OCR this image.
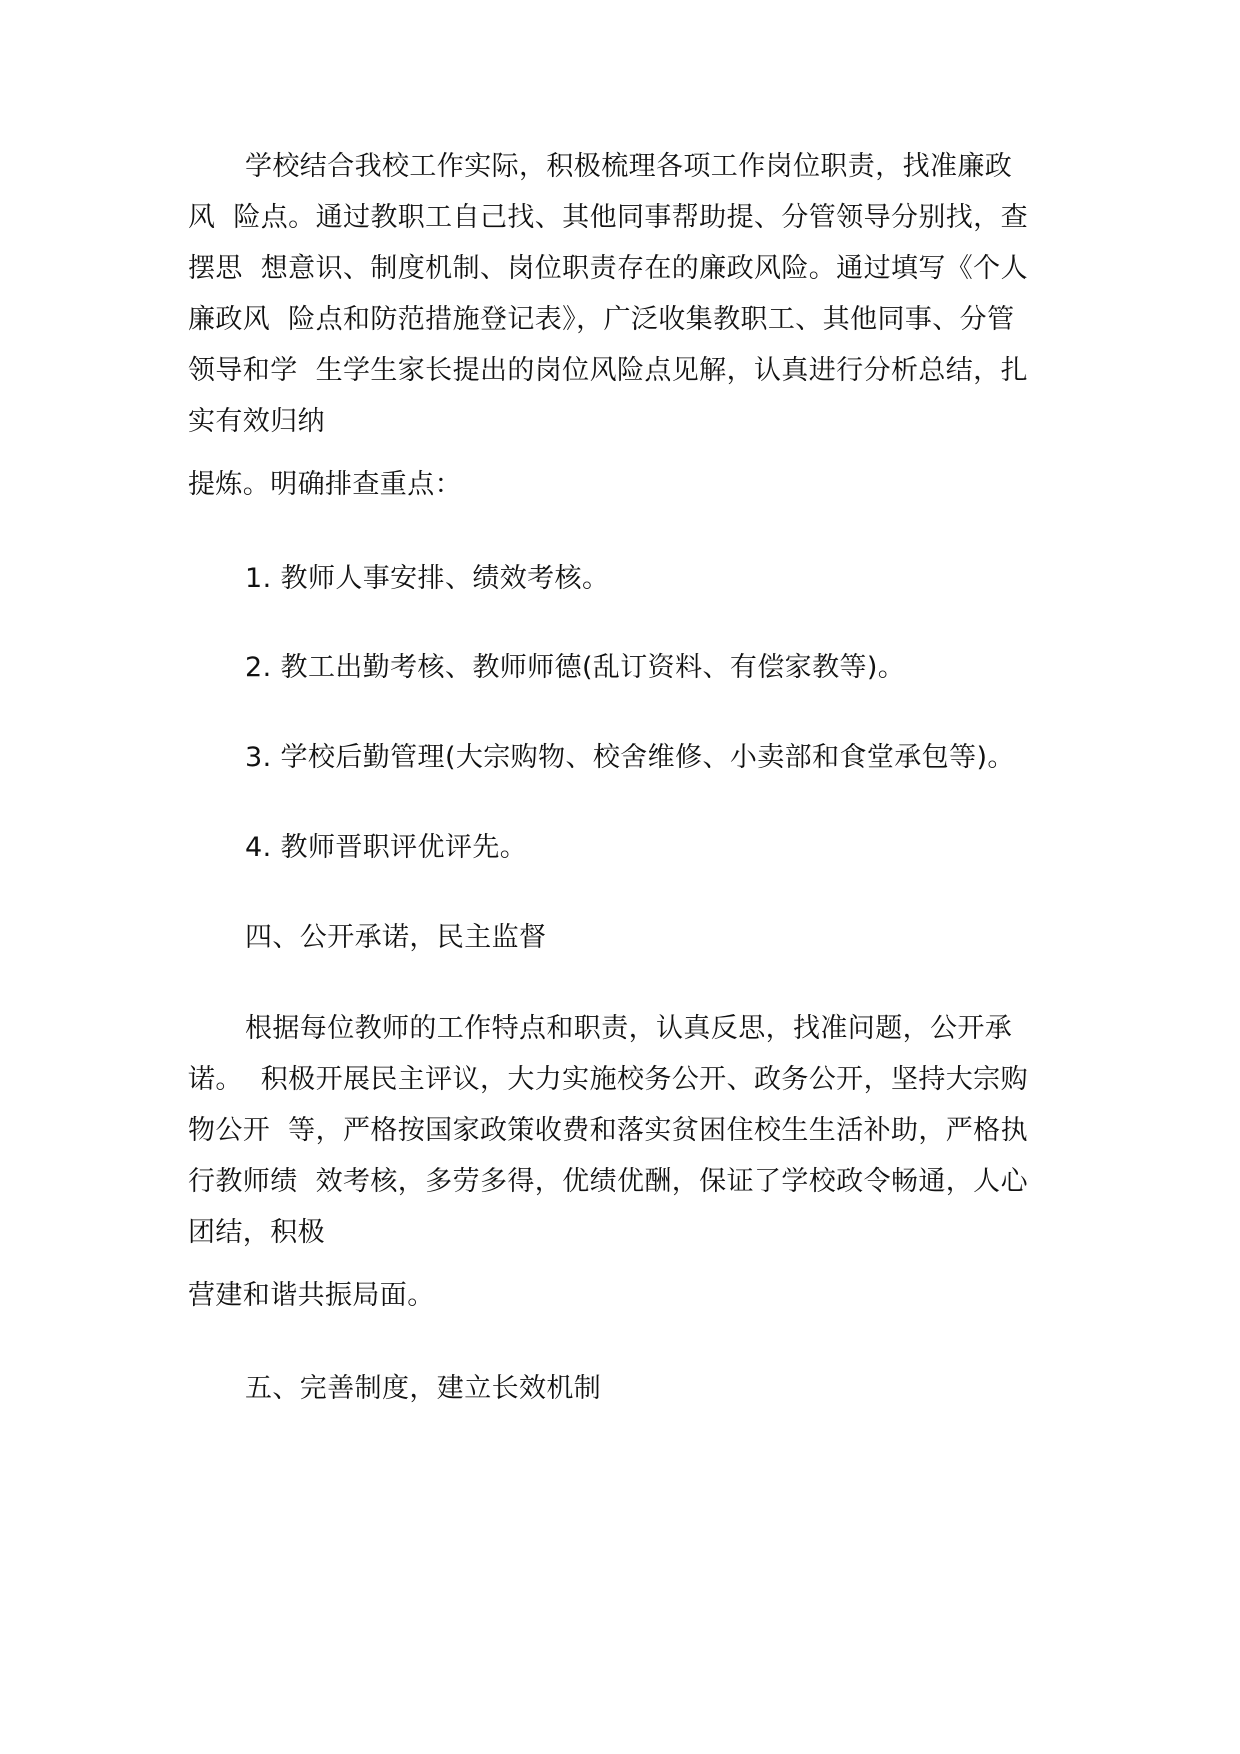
学校结合我校工作实际，积极梳理各项工作岗位职责，找准廉政
风  险点。通过教职工自己找、其他同事帮助提、分管领导分别找，查
摆思  想意识、制度机制、岗位职责存在的廉政风险。通过填写《个人
廉政风  险点和防范措施登记表》，广泛收集教职工、其他同事、分管
领导和学  生学生家长提出的岗位风险点见解，认真进行分析总结，扎
实有效归纳
提炼。明确排查重点：
1. 教师人事安排、绩效考核。
2. 教工出勤考核、教师师德(乱订资料、有偿家教等)。
3. 学校后勤管理(大宗购物、校舍维修、小卖部和食堂承包等)。
4. 教师晋职评优评先。
四、公开承诺，民主监督
根据每位教师的工作特点和职责，认真反思，找准问题，公开承
诺。  积极开展民主评议，大力实施校务公开、政务公开，坚持大宗购
物公开  等，严格按国家政策收费和落实贫困住校生生活补助，严格执
行教师绩  效考核，多劳多得，优绩优酬，保证了学校政令畅通，人心
团结，积极
营建和谐共振局面。
五、完善制度，建立长效机制
